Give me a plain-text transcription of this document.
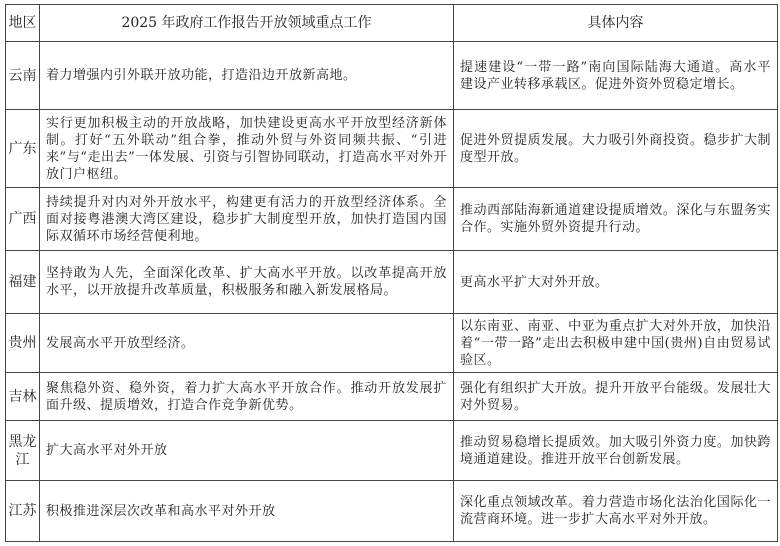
地区	2025 年政府工作报告开放领域重点工作	具体内容
云南	着力增强内引外联开放功能，打造沿边开放新高地。	提速建设“一带一路”南向国际陆海大通道。高水平建设产业转移承载区。促进外资外贸稳定增长。
广东	实行更加积极主动的开放战略，加快建设更高水平开放型经济新体制。打好“五外联动”组合拳，推动外贸与外资同频共振、“引进来”与“走出去”一体发展、引资与引智协同联动，打造高水平对外开放门户枢纽。	促进外贸提质发展。大力吸引外商投资。稳步扩大制度型开放。
广西	持续提升对内对外开放水平，构建更有活力的开放型经济体系。全面对接粤港澳大湾区建设，稳步扩大制度型开放，加快打造国内国际双循环市场经营便利地。	推动西部陆海新通道建设提质增效。深化与东盟务实合作。实施外贸外资提升行动。
福建	坚持敢为人先，全面深化改革、扩大高水平开放。以改革提高开放水平，以开放提升改革质量，积极服务和融入新发展格局。	更高水平扩大对外开放。
贵州	发展高水平开放型经济。	以东南亚、南亚、中亚为重点扩大对外开放，加快沿着“一带一路”走出去积极申建中国(贵州)自由贸易试验区。
吉林	聚焦稳外资、稳外资，着力扩大高水平开放合作。推动开放发展扩面升级、提质增效，打造合作竞争新优势。	强化有组织扩大开放。提升开放平台能级。发展壮大对外贸易。
黑龙江	扩大高水平对外开放	推动贸易稳增长提质效。加大吸引外资力度。加快跨境通道建设。推进开放平台创新发展。
江苏	积极推进深层次改革和高水平对外开放	深化重点领域改革。着力营造市场化法治化国际化一流营商环境。进一步扩大高水平对外开放。
